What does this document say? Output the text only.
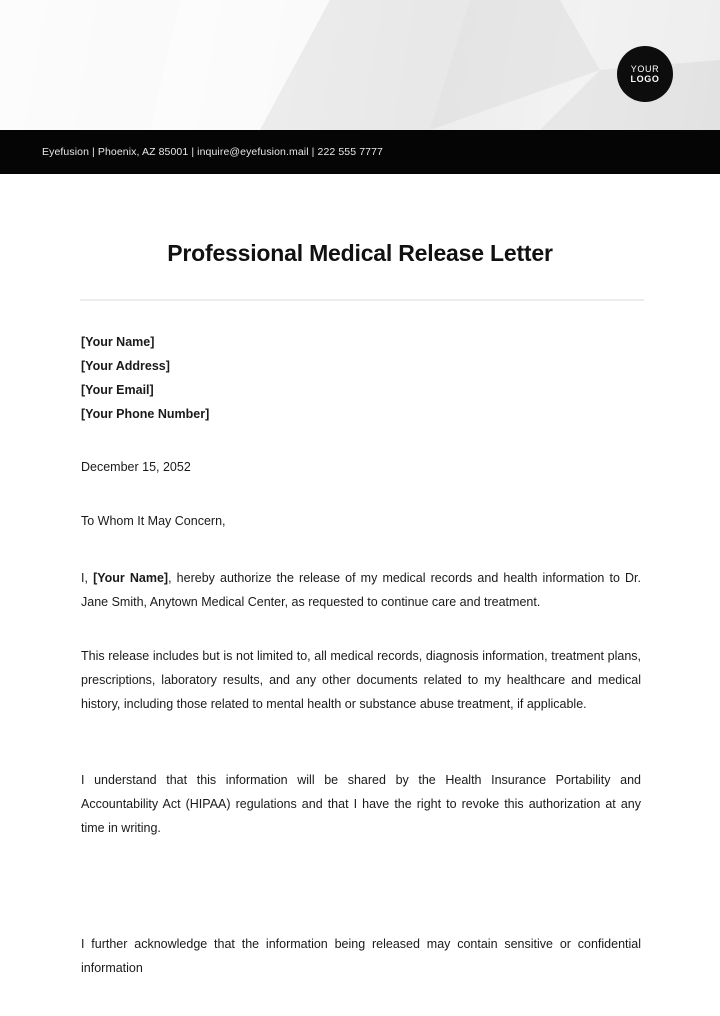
YOUR
LOGO
Eyefusion | Phoenix, AZ 85001 | inquire@eyefusion.mail | 222 555 7777
Professional Medical Release Letter
[Your Name]
[Your Address]
[Your Email]
[Your Phone Number]
December 15, 2052
To Whom It May Concern,

I, [Your Name], hereby authorize the release of my medical records and health information to Dr. Jane Smith, Anytown Medical Center, as requested to continue care and treatment.

This release includes but is not limited to, all medical records, diagnosis information, treatment plans, prescriptions, laboratory results, and any other documents related to my healthcare and medical history, including those related to mental health or substance abuse treatment, if applicable.

I understand that this information will be shared by the Health Insurance Portability and Accountability Act (HIPAA) regulations and that I have the right to revoke this authorization at any time in writing.

I further acknowledge that the information being released may contain sensitive or confidential information
